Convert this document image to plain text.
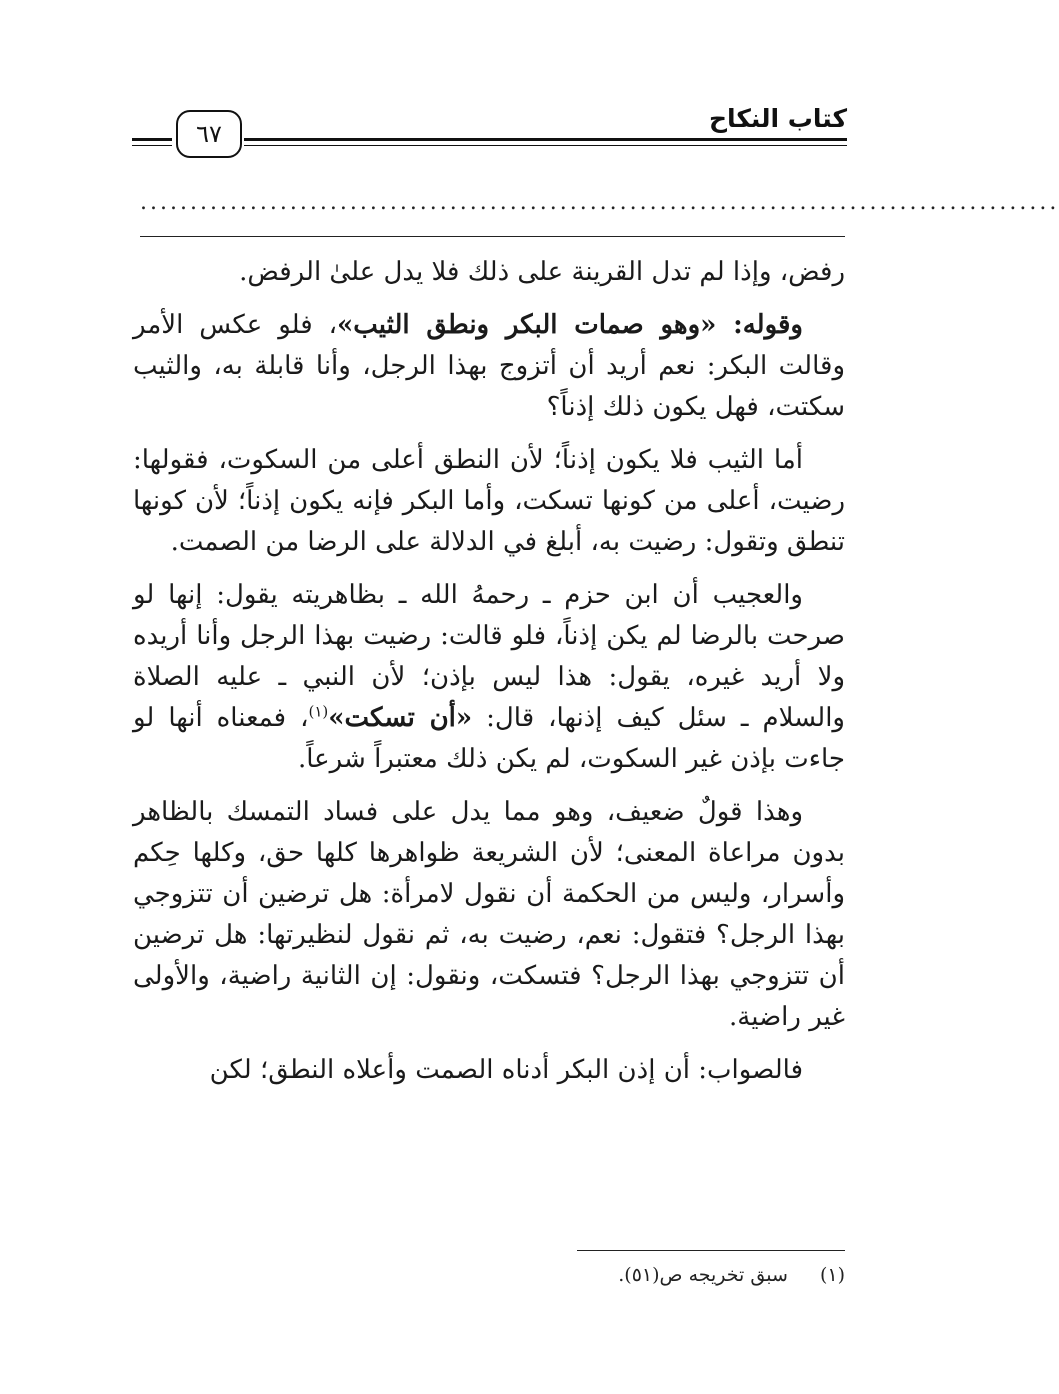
كتاب النكاح
٦٧
............................................................................................

رفض، وإذا لم تدل القرينة على ذلك فلا يدل علىٰ الرفض.

وقوله: «وهو صمات البكر ونطق الثيب»، فلو عكس الأمر وقالت البكر: نعم أريد أن أتزوج بهذا الرجل، وأنا قابلة به، والثيب سكتت، فهل يكون ذلك إذناً؟

أما الثيب فلا يكون إذناً؛ لأن النطق أعلى من السكوت، فقولها: رضيت، أعلى من كونها تسكت، وأما البكر فإنه يكون إذناً؛ لأن كونها تنطق وتقول: رضيت به، أبلغ في الدلالة على الرضا من الصمت.

والعجيب أن ابن حزم ـ رحمهُ الله ـ بظاهريته يقول: إنها لو صرحت بالرضا لم يكن إذناً، فلو قالت: رضيت بهذا الرجل وأنا أريده ولا أريد غيره، يقول: هذا ليس بإذن؛ لأن النبي ـ عليه الصلاة والسلام ـ سئل كيف إذنها، قال: «أن تسكت»$^{(١)}$، فمعناه أنها لو جاءت بإذن غير السكوت، لم يكن ذلك معتبراً شرعاً.

وهذا قولٌ ضعيف، وهو مما يدل على فساد التمسك بالظاهر بدون مراعاة المعنى؛ لأن الشريعة ظواهرها كلها حق، وكلها حِكم وأسرار، وليس من الحكمة أن نقول لامرأة: هل ترضين أن تتزوجي بهذا الرجل؟ فتقول: نعم، رضيت به، ثم نقول لنظيرتها: هل ترضين أن تتزوجي بهذا الرجل؟ فتسكت، ونقول: إن الثانية راضية، والأولى غير راضية.

فالصواب: أن إذن البكر أدناه الصمت وأعلاه النطق؛ لكن

(١) سبق تخريجه ص(٥١).
